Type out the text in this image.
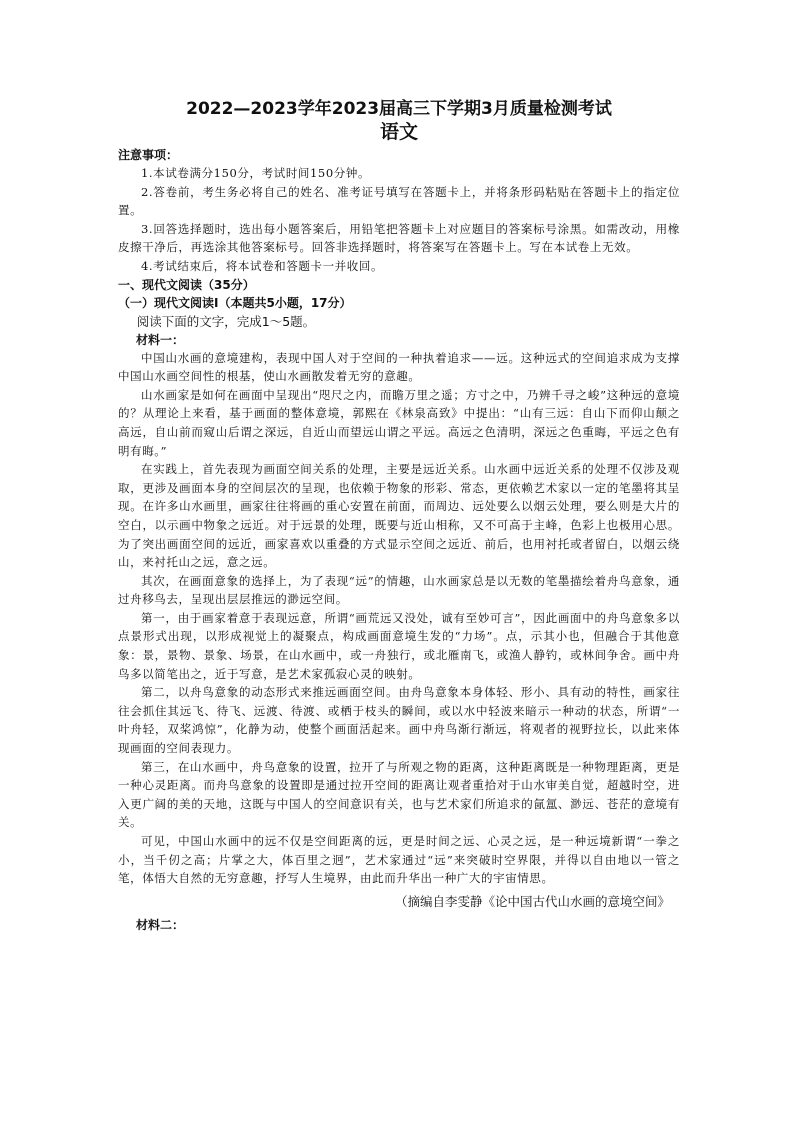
2022—2023学年2023届高三下学期3月质量检测考试
语文

注意事项：

1.本试卷满分150分，考试时间150分钟。

2.答卷前，考生务必将自己的姓名、准考证号填写在答题卡上，并将条形码粘贴在答题卡上的指定位置。

3.回答选择题时，选出每小题答案后，用铅笔把答题卡上对应题目的答案标号涂黑。如需改动，用橡皮擦干净后，再选涂其他答案标号。回答非选择题时，将答案写在答题卡上。写在本试卷上无效。

4.考试结束后，将本试卷和答题卡一并收回。

一、现代文阅读（35分）

（一）现代文阅读Ⅰ（本题共5小题，17分）

阅读下面的文字，完成1～5题。

材料一：

中国山水画的意境建构，表现中国人对于空间的一种执着追求——远。这种远式的空间追求成为支撑中国山水画空间性的根基，使山水画散发着无穷的意趣。

山水画家是如何在画面中呈现出“咫尺之内，而瞻万里之遥；方寸之中，乃辨千寻之峻”这种远的意境的？从理论上来看，基于画面的整体意境，郭熙在《林泉高致》中提出：“山有三远：自山下而仰山颠之高远，自山前而窥山后谓之深远，自近山而望远山谓之平远。高远之色清明，深远之色重晦，平远之色有明有晦。”

在实践上，首先表现为画面空间关系的处理，主要是远近关系。山水画中远近关系的处理不仅涉及观取，更涉及画面本身的空间层次的呈现，也依赖于物象的形彩、常态，更依赖艺术家以一定的笔墨将其呈现。在许多山水画里，画家往往将画的重心安置在前面，而周边、远处要么以烟云处理，要么则是大片的空白，以示画中物象之远近。对于远景的处理，既要与近山相称，又不可高于主峰，色彩上也极用心思。为了突出画面空间的远近，画家喜欢以重叠的方式显示空间之远近、前后，也用衬托或者留白，以烟云绕山，来衬托山之远，意之远。

其次，在画面意象的选择上，为了表现“远”的情趣，山水画家总是以无数的笔墨描绘着舟鸟意象，通过舟移鸟去，呈现出层层推远的渺远空间。

第一，由于画家着意于表现远意，所谓“画荒远又没处，诚有至妙可言”，因此画面中的舟鸟意象多以点景形式出现，以形成视觉上的凝聚点，构成画面意境生发的“力场”。点，示其小也，但融合于其他意象：景，景物、景象、场景，在山水画中，或一舟独行，或北雁南飞，或渔人静钓，或林间争舍。画中舟鸟多以简笔出之，近于写意，是艺术家孤寂心灵的映射。

第二，以舟鸟意象的动态形式来推远画面空间。由舟鸟意象本身体轻、形小、具有动的特性，画家往往会抓住其远飞、待飞、远渡、待渡、或栖于枝头的瞬间，或以水中轻波来暗示一种动的状态，所谓“一叶舟轻，双桨鸿惊”，化静为动，使整个画面活起来。画中舟鸟渐行渐远，将观者的视野拉长，以此来体现画面的空间表现力。

第三，在山水画中，舟鸟意象的设置，拉开了与所观之物的距离，这种距离既是一种物理距离，更是一种心灵距离。而舟鸟意象的设置即是通过拉开空间的距离让观者重拾对于山水审美自觉，超越时空，进入更广阔的美的天地，这既与中国人的空间意识有关，也与艺术家们所追求的氤氲、渺远、苍茫的意境有关。

可见，中国山水画中的远不仅是空间距离的远，更是时间之远、心灵之远，是一种远境新谓“一拳之小，当千仞之高；片掌之大，体百里之迥”，艺术家通过“远”来突破时空界限，并得以自由地以一管之笔，体悟大自然的无穷意趣，抒写人生境界，由此而升华出一种广大的宇宙情思。

（摘编自李雯静《论中国古代山水画的意境空间》

材料二：
